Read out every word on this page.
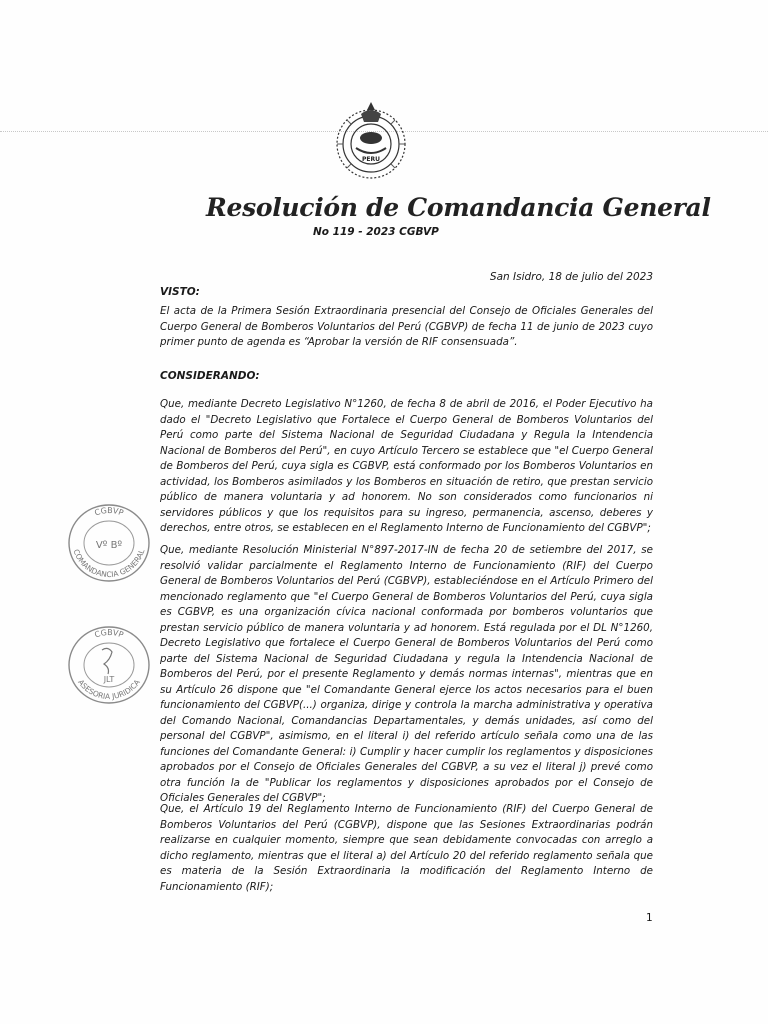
PERU
Resolución de Comandancia General
No 119 - 2023 CGBVP
San Isidro, 18 de julio del 2023
VISTO:
El acta de la Primera Sesión Extraordinaria presencial del Consejo de Oficiales Generales del Cuerpo General de Bomberos Voluntarios del Perú (CGBVP) de fecha 11 de junio de 2023 cuyo primer punto de agenda es “Aprobar la versión de RIF consensuada”.
CONSIDERANDO:
Que, mediante Decreto Legislativo N°1260, de fecha 8 de abril de 2016, el Poder Ejecutivo ha dado el "Decreto Legislativo que Fortalece el Cuerpo General de Bomberos Voluntarios del Perú como parte del Sistema Nacional de Seguridad Ciudadana y Regula la Intendencia Nacional de Bomberos del Perú", en cuyo Artículo Tercero se establece que "el Cuerpo General de Bomberos del Perú, cuya sigla es CGBVP, está conformado por los Bomberos Voluntarios en actividad, los Bomberos asimilados y los Bomberos en situación de retiro, que prestan servicio público de manera voluntaria y ad honorem. No son considerados como funcionarios ni servidores públicos y que los requisitos para su ingreso, permanencia, ascenso, deberes y derechos, entre otros, se establecen en el Reglamento Interno de Funcionamiento del CGBVP";
Que, mediante Resolución Ministerial N°897-2017-IN de fecha 20 de setiembre del 2017, se resolvió validar parcialmente el Reglamento Interno de Funcionamiento (RIF) del Cuerpo General de Bomberos Voluntarios del Perú (CGBVP), estableciéndose en el Artículo Primero del mencionado reglamento que "el Cuerpo General de Bomberos Voluntarios del Perú, cuya sigla es CGBVP, es una organización cívica nacional conformada por bomberos voluntarios que prestan servicio público de manera voluntaria y ad honorem. Está regulada por el DL N°1260, Decreto Legislativo que fortalece el Cuerpo General de Bomberos Voluntarios del Perú como parte del Sistema Nacional de Seguridad Ciudadana y regula la Intendencia Nacional de Bomberos del Perú, por el presente Reglamento y demás normas internas", mientras que en su Artículo 26 dispone que "el Comandante General ejerce los actos necesarios para el buen funcionamiento del CGBVP(...) organiza, dirige y controla la marcha administrativa y operativa del Comando Nacional, Comandancias Departamentales, y demás unidades, así como del personal del CGBVP", asimismo, en el literal i) del referido artículo señala como una de las funciones del Comandante General: i) Cumplir y hacer cumplir los reglamentos y disposiciones aprobados por el Consejo de Oficiales Generales del CGBVP, a su vez el literal j) prevé como otra función la de "Publicar los reglamentos y disposiciones aprobados por el Consejo de Oficiales Generales del CGBVP";
Que, el Artículo 19 del Reglamento Interno de Funcionamiento (RIF) del Cuerpo General de Bomberos Voluntarios del Perú (CGBVP), dispone que las Sesiones Extraordinarias podrán realizarse en cualquier momento, siempre que sean debidamente convocadas con arreglo a dicho reglamento, mientras que el literal a) del Artículo 20 del referido reglamento señala que es materia de la Sesión Extraordinaria la modificación del Reglamento Interno de Funcionamiento (RIF);
CGBVP
Vº Bº
COMANDANCIA GENERAL
CGBVP
JLT
ASESORIA JURIDICA
1
